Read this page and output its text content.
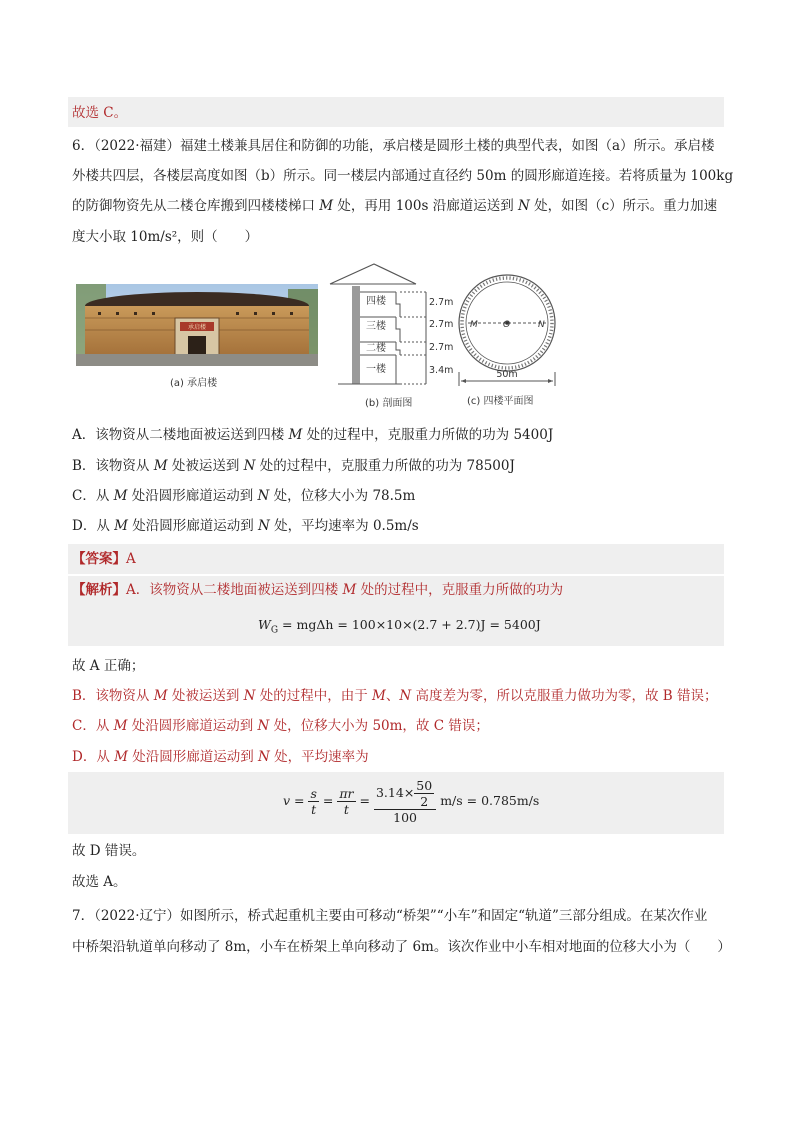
故选 C。
6．（2022·福建）福建土楼兼具居住和防御的功能，承启楼是圆形土楼的典型代表，如图（a）所示。承启楼
外楼共四层，各楼层高度如图（b）所示。同一楼层内部通过直径约 50m 的圆形廊道连接。若将质量为 100kg
的防御物资先从二楼仓库搬到四楼楼梯口 M 处，再用 100s 沿廊道运送到 N 处，如图（c）所示。重力加速
度大小取 10m/s²，则（　　）
承启楼
(a) 承启楼
四楼
三楼
二楼
一楼
2.7m
2.7m
2.7m
3.4m
(b) 剖面图
M	O	N
50m
(c) 四楼平面图
A．该物资从二楼地面被运送到四楼 M 处的过程中，克服重力所做的功为 5400J
B．该物资从 M 处被运送到 N 处的过程中，克服重力所做的功为 78500J
C．从 M 处沿圆形廊道运动到 N 处，位移大小为 78.5m
D．从 M 处沿圆形廊道运动到 N 处，平均速率为 0.5m/s
【答案】A
【解析】A．该物资从二楼地面被运送到四楼 M 处的过程中，克服重力所做的功为
$W_G = mg\Delta h = 100\times 10\times(2.7 + 2.7)J = 5400J$
故 A 正确；
B．该物资从 M 处被运送到 N 处的过程中，由于 M、N 高度差为零，所以克服重力做功为零，故 B 错误；
C．从 M 处沿圆形廊道运动到 N 处，位移大小为 50m，故 C 错误；
D．从 M 处沿圆形廊道运动到 N 处，平均速率为
$v = \frac{s}{t} = \frac{\pi r}{t} = \frac{3.14\times \frac{50}{2}}{100} m/s = 0.785m/s$
故 D 错误。
故选 A。
7．（2022·辽宁）如图所示，桥式起重机主要由可移动“桥架”“小车”和固定“轨道”三部分组成。在某次作业
中桥架沿轨道单向移动了 8m，小车在桥架上单向移动了 6m。该次作业中小车相对地面的位移大小为（　　）
